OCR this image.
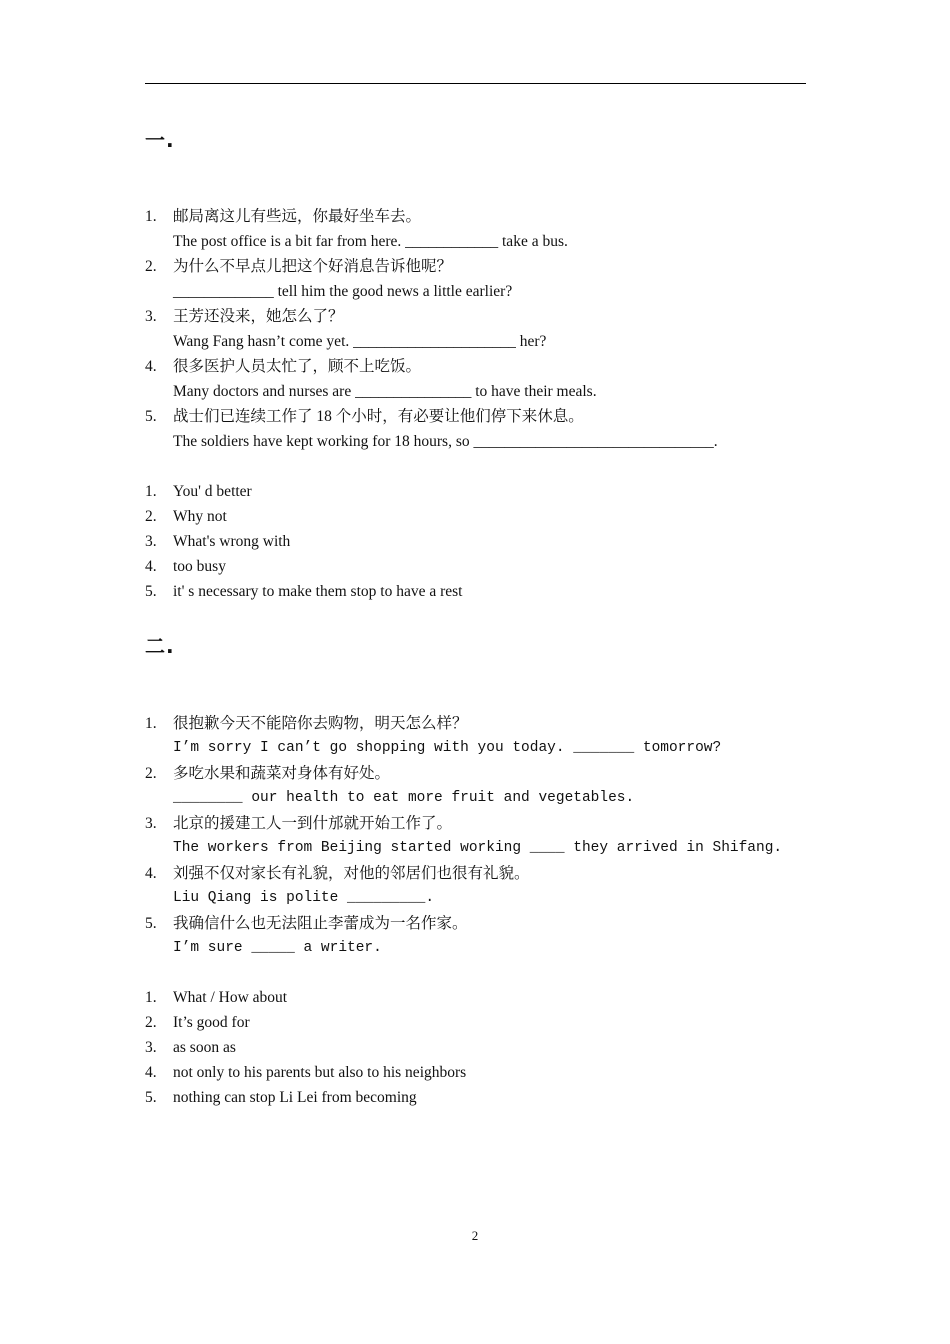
一.
1. 邮局离这儿有些远，你最好坐车去。
The post office is a bit far from here. ____________ take a bus.
2. 为什么不早点儿把这个好消息告诉他呢？
_____________ tell him the good news a little earlier?
3. 王芳还没来，她怎么了？
Wang Fang hasn’t come yet. _____________________ her?
4. 很多医护人员太忙了，顾不上吃饭。
Many doctors and nurses are _______________ to have their meals.
5. 战士们已连续工作了 18 个小时，有必要让他们停下来休息。
The soldiers have kept working for 18 hours, so _______________________________.
1. You' d better
2. Why not
3. What's wrong with
4. too busy
5. it' s necessary to make them stop to have a rest
二.
1. 很抱歉今天不能陪你去购物，明天怎么样？
I’m sorry I can’t go shopping with you today. _______ tomorrow?
2. 多吃水果和蔬菜对身体有好处。
________ our health to eat more fruit and vegetables.
3. 北京的援建工人一到什邡就开始工作了。
The workers from Beijing started working ____ they arrived in Shifang.
4. 刘强不仅对家长有礼貌，对他的邻居们也很有礼貌。
Liu Qiang is polite _________.
5. 我确信什么也无法阻止李蕾成为一名作家。
I’m sure _____ a writer.
1. What / How about
2. It’s good for
3. as soon as
4. not only to his parents but also to his neighbors
5. nothing can stop Li Lei from becoming
2
